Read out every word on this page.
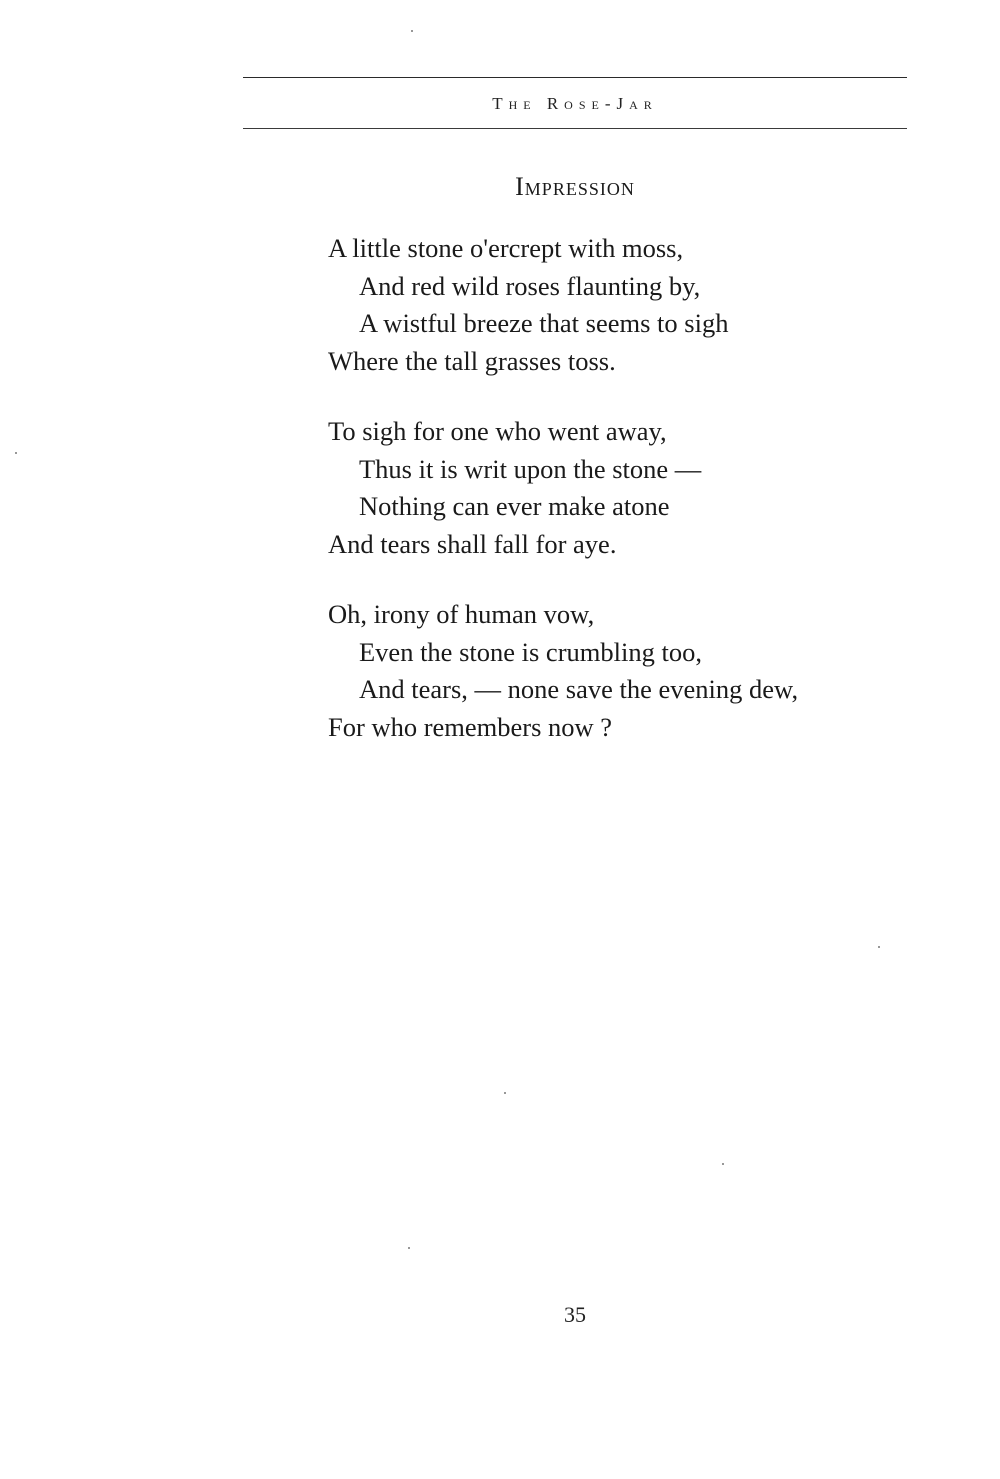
The Rose-Jar
Impression
A little stone o'ercrept with moss,
And red wild roses flaunting by,
A wistful breeze that seems to sigh
Where the tall grasses toss.
To sigh for one who went away,
Thus it is writ upon the stone —
Nothing can ever make atone
And tears shall fall for aye.
Oh, irony of human vow,
Even the stone is crumbling too,
And tears, — none save the evening dew,
For who remembers now ?
35
